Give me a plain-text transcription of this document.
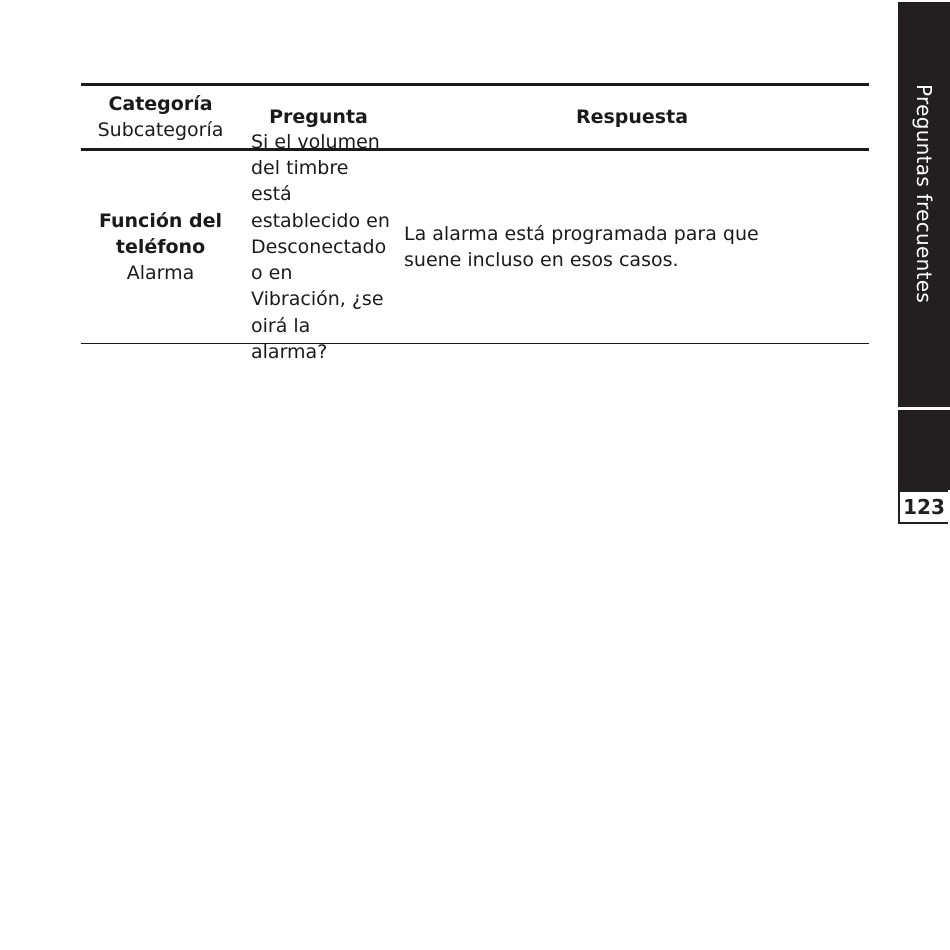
Categoría
Subcategoría
Pregunta	Respuesta
Función del teléfono
Alarma
Si el volumen del timbre está establecido en Desconectado o en Vibración, ¿se oirá la alarma?
La alarma está programada para que suene incluso en esos casos.	Preguntas frecuentes
123
